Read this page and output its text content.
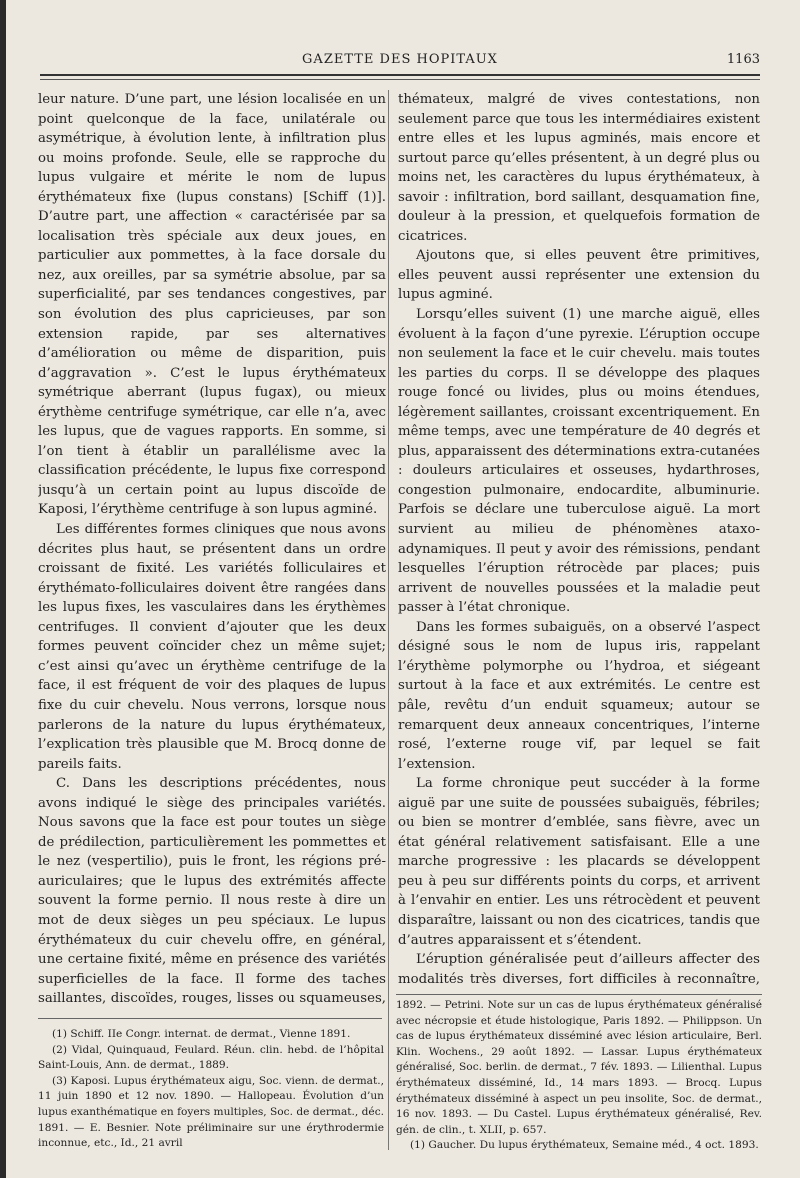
GAZETTE DES HOPITAUX	1163

leur nature. D’une part, une lésion localisée en un point quelconque de la face, unilatérale ou asymétrique, à évolution lente, à infiltration plus ou moins profonde. Seule, elle se rapproche du lupus vulgaire et mérite le nom de lupus érythémateux fixe (lupus constans) [Schiff (1)]. D’autre part, une affection « caractérisée par sa localisation très spéciale aux deux joues, en particulier aux pommettes, à la face dorsale du nez, aux oreilles, par sa symétrie absolue, par sa superficialité, par ses tendances congestives, par son évolution des plus capricieuses, par son extension rapide, par ses alternatives d’amélioration ou même de disparition, puis d’aggravation ». C’est le lupus érythémateux symétrique aberrant (lupus fugax), ou mieux érythème centrifuge symétrique, car elle n’a, avec les lupus, que de vagues rapports. En somme, si l’on tient à établir un parallélisme avec la classification précédente, le lupus fixe correspond jusqu’à un certain point au lupus discoïde de Kaposi, l’érythème centrifuge à son lupus agminé.

Les différentes formes cliniques que nous avons décrites plus haut, se présentent dans un ordre croissant de fixité. Les variétés folliculaires et érythémato-folliculaires doivent être rangées dans les lupus fixes, les vasculaires dans les érythèmes centrifuges. Il convient d’ajouter que les deux formes peuvent coïncider chez un même sujet; c’est ainsi qu’avec un érythème centrifuge de la face, il est fréquent de voir des plaques de lupus fixe du cuir chevelu. Nous verrons, lorsque nous parlerons de la nature du lupus érythémateux, l’explication très plausible que M. Brocq donne de pareils faits.

C. Dans les descriptions précédentes, nous avons indiqué le siège des principales variétés. Nous savons que la face est pour toutes un siège de prédilection, particulièrement les pommettes et le nez (vespertilio), puis le front, les régions pré-auriculaires; que le lupus des extrémités affecte souvent la forme pernio. Il nous reste à dire un mot de deux sièges un peu spéciaux. Le lupus érythémateux du cuir chevelu offre, en général, une certaine fixité, même en présence des variétés superficielles de la face. Il forme des taches saillantes, discoïdes, rouges, lisses ou squameuses,

thémateux, malgré de vives contestations, non seulement parce que tous les intermédiaires existent entre elles et les lupus agminés, mais encore et surtout parce qu’elles présentent, à un degré plus ou moins net, les caractères du lupus érythémateux, à savoir : infiltration, bord saillant, desquamation fine, douleur à la pression, et quelquefois formation de cicatrices.

Ajoutons que, si elles peuvent être primitives, elles peuvent aussi représenter une extension du lupus agminé.

Lorsqu’elles suivent (1) une marche aiguë, elles évoluent à la façon d’une pyrexie. L’éruption occupe non seulement la face et le cuir chevelu. mais toutes les parties du corps. Il se développe des plaques rouge foncé ou livides, plus ou moins étendues, légèrement saillantes, croissant excentriquement. En même temps, avec une température de 40 degrés et plus, apparaissent des déterminations extra-cutanées : douleurs articulaires et osseuses, hydarthroses, congestion pulmonaire, endocardite, albuminurie. Parfois se déclare une tuberculose aiguë. La mort survient au milieu de phénomènes ataxo-adynamiques. Il peut y avoir des rémissions, pendant lesquelles l’éruption rétrocède par places; puis arrivent de nouvelles poussées et la maladie peut passer à l’état chronique.

Dans les formes subaiguës, on a observé l’aspect désigné sous le nom de lupus iris, rappelant l’érythème polymorphe ou l’hydroa, et siégeant surtout à la face et aux extrémités. Le centre est pâle, revêtu d’un enduit squameux; autour se remarquent deux anneaux concentriques, l’interne rosé, l’externe rouge vif, par lequel se fait l’extension.

La forme chronique peut succéder à la forme aiguë par une suite de poussées subaiguës, fébriles; ou bien se montrer d’emblée, sans fièvre, avec un état général relativement satisfaisant. Elle a une marche progressive : les placards se développent peu à peu sur différents points du corps, et arrivent à l’envahir en entier. Les uns rétrocèdent et peuvent disparaître, laissant ou non des cicatrices, tandis que d’autres apparaissent et s’étendent.

L’éruption généralisée peut d’ailleurs affecter des modalités très diverses, fort difficiles à reconnaître,

(1) Schiff. IIe Congr. internat. de dermat., Vienne 1891.

(2) Vidal, Quinquaud, Feulard. Réun. clin. hebd. de l’hôpital Saint-Louis, Ann. de dermat., 1889.

(3) Kaposi. Lupus érythémateux aigu, Soc. vienn. de dermat., 11 juin 1890 et 12 nov. 1890. — Hallopeau. Évolution d’un lupus exanthématique en foyers multiples, Soc. de dermat., déc. 1891. — E. Besnier. Note préliminaire sur une érythrodermie inconnue, etc., Id., 21 avril

1892. — Petrini. Note sur un cas de lupus érythémateux généralisé avec nécropsie et étude histologique, Paris 1892. — Philippson. Un cas de lupus érythémateux disséminé avec lésion articulaire, Berl. Klin. Wochens., 29 août 1892. — Lassar. Lupus érythémateux généralisé, Soc. berlin. de dermat., 7 fév. 1893. — Lilienthal. Lupus érythémateux disséminé, Id., 14 mars 1893. — Brocq. Lupus érythémateux disséminé à aspect un peu insolite, Soc. de dermat., 16 nov. 1893. — Du Castel. Lupus érythémateux généralisé, Rev. gén. de clin., t. XLII, p. 657.

(1) Gaucher. Du lupus érythémateux, Semaine méd., 4 oct. 1893.
